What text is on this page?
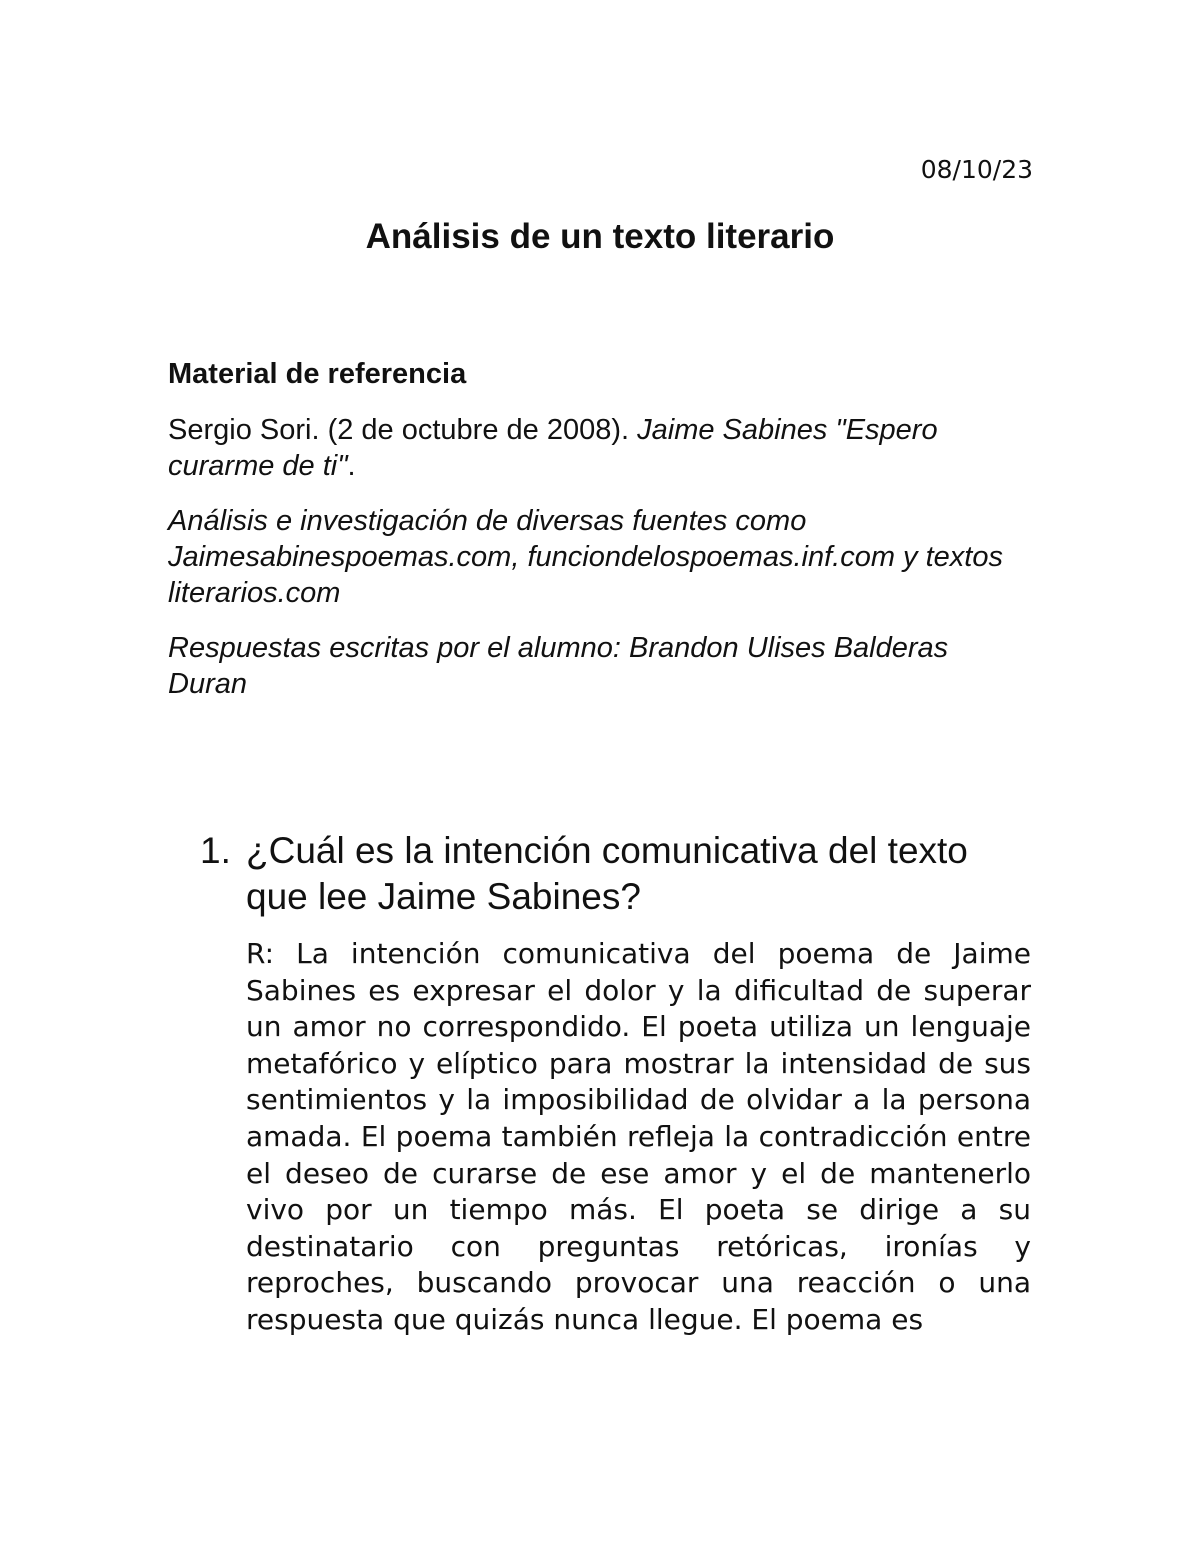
08/10/23
Análisis de un texto literario

Material de referencia

Sergio Sori. (2 de octubre de 2008). Jaime Sabines "Espero curarme de ti".

Análisis e investigación de diversas fuentes como Jaimesabinespoemas.com, funciondelospoemas.inf.com y textos literarios.com

Respuestas escritas por el alumno: Brandon Ulises Balderas Duran

1. ¿Cuál es la intención comunicativa del texto que lee Jaime Sabines?
R: La intención comunicativa del poema de Jaime Sabines es expresar el dolor y la dificultad de superar un amor no correspondido. El poeta utiliza un lenguaje metafórico y elíptico para mostrar la intensidad de sus sentimientos y la imposibilidad de olvidar a la persona amada. El poema también refleja la contradicción entre el deseo de curarse de ese amor y el de mantenerlo vivo por un tiempo más. El poeta se dirige a su destinatario con preguntas retóricas, ironías y reproches, buscando provocar una reacción o una respuesta que quizás nunca llegue. El poema es
